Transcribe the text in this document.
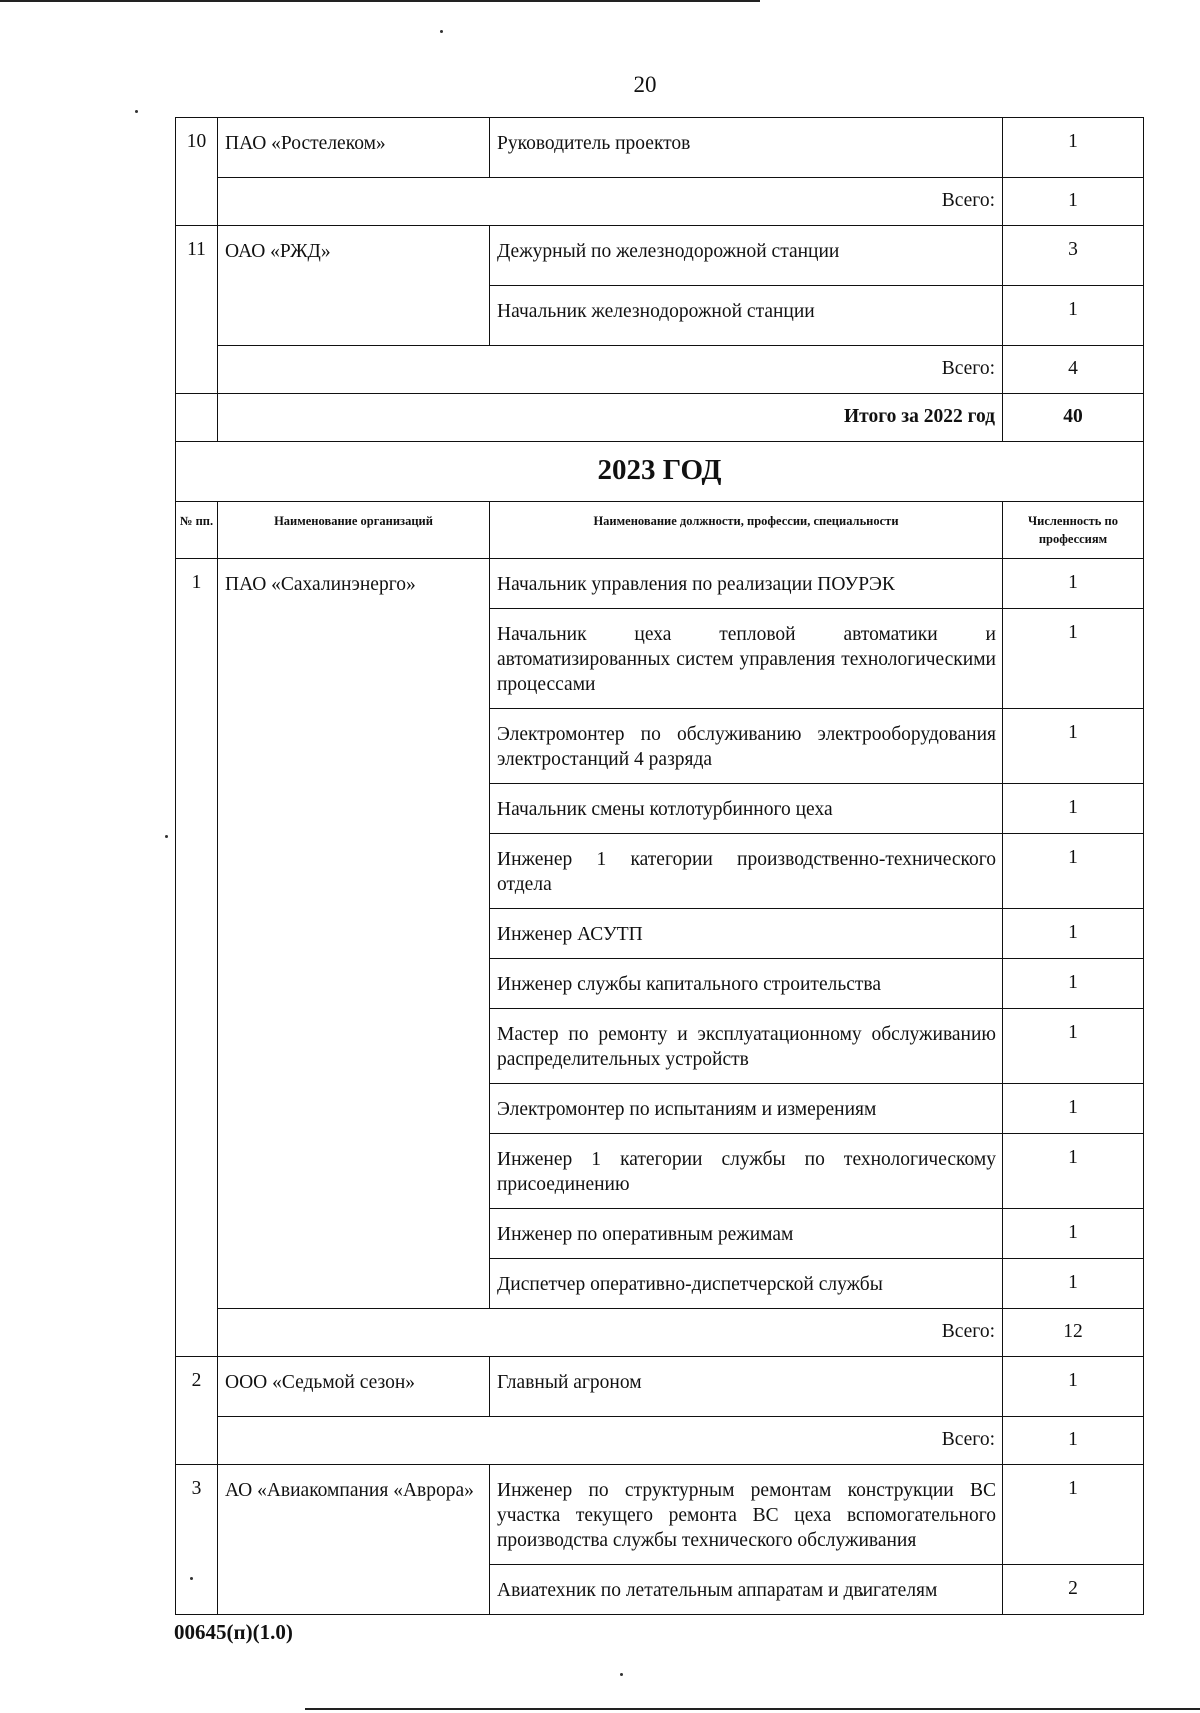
20
10	ПАО «Ростелеком»	Руководитель проектов	1
	Всего:		1
11	ОАО «РЖД»	Дежурный по железнодорожной станции	3
		Начальник железнодорожной станции	1
	Всего:		4
	Итого за 2022 год		40
2023 ГОД			
№ пп.	Наименование организаций	Наименование должности, профессии, специальности	Численность по профессиям
1	ПАО «Сахалинэнерго»	Начальник управления по реализации ПОУРЭК	1
		Начальник цеха тепловой автоматики и автоматизированных систем управления технологическими процессами	1
		Электромонтер по обслуживанию электрооборудования электростанций 4 разряда	1
		Начальник смены котлотурбинного цеха	1
		Инженер 1 категории производственно-технического отдела	1
		Инженер АСУТП	1
		Инженер службы капитального строительства	1
		Мастер по ремонту и эксплуатационному обслуживанию распределительных устройств	1
		Электромонтер по испытаниям и измерениям	1
		Инженер 1 категории службы по технологическому присоединению	1
		Инженер по оперативным режимам	1
		Диспетчер оперативно-диспетчерской службы	1
	Всего:		12
2	ООО «Седьмой сезон»	Главный агроном	1
	Всего:		1
3	АО «Авиакомпания «Аврора»	Инженер по структурным ремонтам конструкции ВС участка текущего ремонта ВС цеха вспомогательного производства службы технического обслуживания	1
		Авиатехник по летательным аппаратам и двигателям	2
00645(п)(1.0)
